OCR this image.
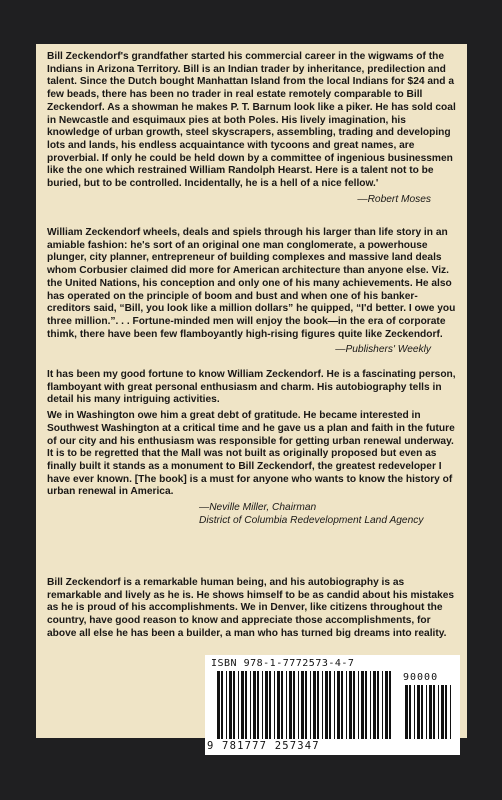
Bill Zeckendorf's grandfather started his commercial career in the wigwams of the Indians in Arizona Territory. Bill is an Indian trader by inheritance, predilection and talent. Since the Dutch bought Manhattan Island from the local Indians for $24 and a few beads, there has been no trader in real estate remotely comparable to Bill Zeckendorf. As a showman he makes P. T. Barnum look like a piker. He has sold coal in Newcastle and esquimaux pies at both Poles. His lively imagination, his knowledge of urban growth, steel skyscrapers, assembling, trading and developing lots and lands, his endless acquaintance with tycoons and great names, are proverbial. If only he could be held down by a committee of ingenious businessmen like the one which restrained William Randolph Hearst. Here is a talent not to be buried, but to be controlled. Incidentally, he is a hell of a nice fellow.'

—Robert Moses

William Zeckendorf wheels, deals and spiels through his larger than life story in an amiable fashion: he's sort of an original one man conglomerate, a powerhouse plunger, city planner, entrepreneur of building complexes and massive land deals whom Corbusier claimed did more for American architecture than anyone else. Viz. the United Nations, his conception and only one of his many achievements. He also has operated on the principle of boom and bust and when one of his banker-creditors said, “Bill, you look like a million dollars” he quipped, “I'd better. I owe you three million.”. . . Fortune-minded men will enjoy the book—in the era of corporate thimk, there have been few flamboyantly high-rising figures quite like Zeckendorf.

—Publishers' Weekly

It has been my good fortune to know William Zeckendorf. He is a fascinating person, flamboyant with great personal enthusiasm and charm. His autobiography tells in detail his many intriguing activities.

We in Washington owe him a great debt of gratitude. He became interested in Southwest Washington at a critical time and he gave us a plan and faith in the future of our city and his enthusiasm was responsible for getting urban renewal underway. It is to be regretted that the Mall was not built as originally proposed but even as finally built it stands as a monument to Bill Zeckendorf, the greatest redeveloper I have ever known. [The book] is a must for anyone who wants to know the history of urban renewal in America.

—Neville Miller, Chairman
District of Columbia Redevelopment Land Agency

Bill Zeckendorf is a remarkable human being, and his autobiography is as remarkable and lively as he is. He shows himself to be as candid about his mistakes as he is proud of his accomplishments. We in Denver, like citizens throughout the country, have good reason to know and appreciate those accomplishments, for above all else he has been a builder, a man who has turned big dreams into reality.

ISBN 978-1-7772573-4-7
90000
9 781777 257347
